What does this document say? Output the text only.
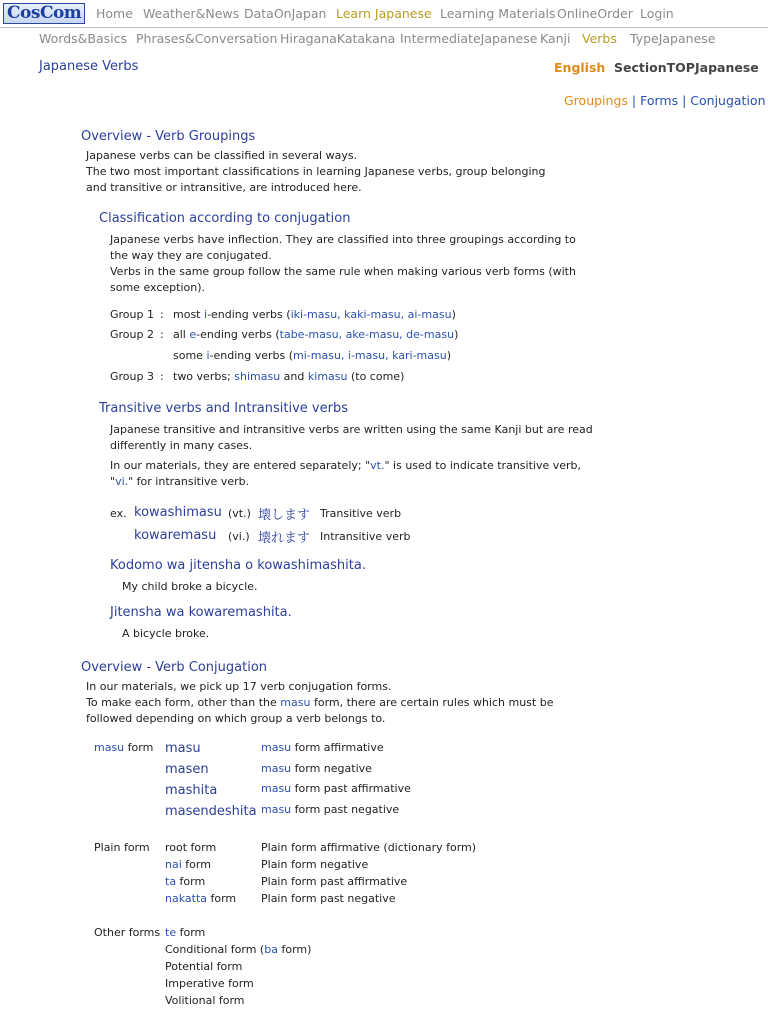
CosCom	Home Weather&News DataOnJapan Learn Japanese Learning Materials OnlineOrder Login
Words&Basics Phrases&Conversation HiraganaKatakana IntermediateJapanese Kanji Verbs TypeJapanese
Japanese Verbs	English SectionTOP Japanese
Groupings | Forms | Conjugation
Overview - Verb Groupings
Japanese verbs can be classified in several ways.
The two most important classifications in learning Japanese verbs, group belonging
and transitive or intransitive, are introduced here.
Classification according to conjugation
Japanese verbs have inflection. They are classified into three groupings according to
the way they are conjugated.
Verbs in the same group follow the same rule when making various verb forms (with
some exception).
Group 1 : most i-ending verbs (iki-masu, kaki-masu, ai-masu)
Group 2 : all e-ending verbs (tabe-masu, ake-masu, de-masu)
some i-ending verbs (mi-masu, i-masu, kari-masu)
Group 3 : two verbs; shimasu and kimasu (to come)
Transitive verbs and Intransitive verbs
Japanese transitive and intransitive verbs are written using the same Kanji but are read
differently in many cases.
In our materials, they are entered separately; "vt." is used to indicate transitive verb,
"vi." for intransitive verb.
ex. kowashimasu (vt.) 壊します Transitive verb
kowaremasu (vi.) 壊れます Intransitive verb
Kodomo wa jitensha o kowashimashita.
My child broke a bicycle.
Jitensha wa kowaremashita.
A bicycle broke.
Overview - Verb Conjugation
In our materials, we pick up 17 verb conjugation forms.
To make each form, other than the masu form, there are certain rules which must be
followed depending on which group a verb belongs to.
masu form masu	masu form affirmative
masen	masu form negative
mashita	masu form past affirmative
masendeshita masu form past negative
Plain form root form	Plain form affirmative (dictionary form)
nai form	Plain form negative
ta form	Plain form past affirmative
nakatta form Plain form past negative
Other forms te form
Conditional form (ba form)
Potential form
Imperative form
Volitional form
